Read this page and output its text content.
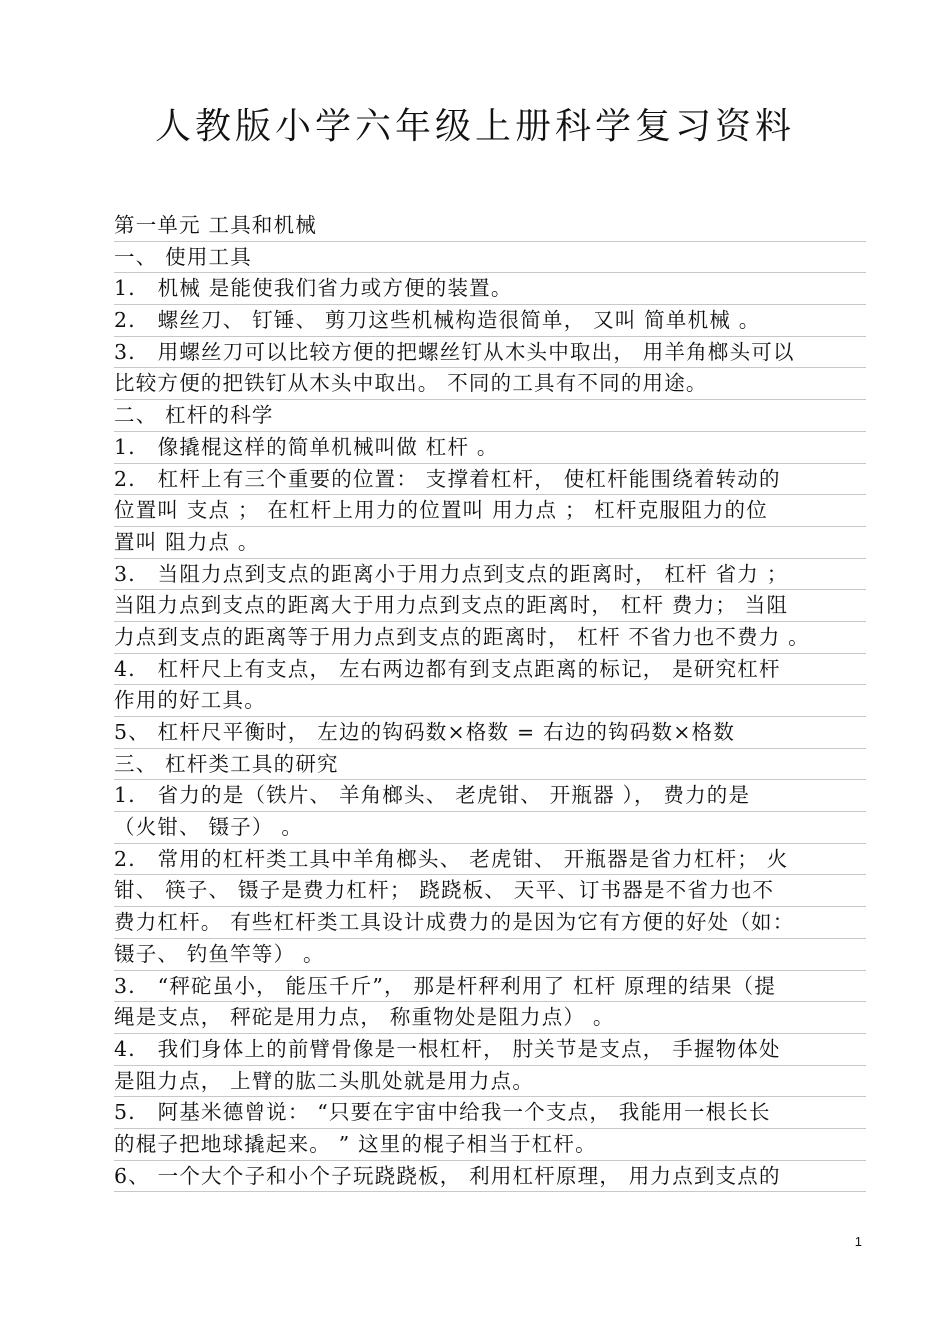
人教版小学六年级上册科学复习资料
第一单元 工具和机械
一、 使用工具
1． 机械 是能使我们省力或方便的装置。
2． 螺丝刀、 钉锤、 剪刀这些机械构造很简单， 又叫 简单机械 。
3． 用螺丝刀可以比较方便的把螺丝钉从木头中取出， 用羊角榔头可以
比较方便的把铁钉从木头中取出。 不同的工具有不同的用途。
二、 杠杆的科学
1． 像撬棍这样的简单机械叫做 杠杆 。
2． 杠杆上有三个重要的位置： 支撑着杠杆， 使杠杆能围绕着转动的
位置叫 支点 ； 在杠杆上用力的位置叫 用力点 ； 杠杆克服阻力的位
置叫 阻力点 。
3． 当阻力点到支点的距离小于用力点到支点的距离时， 杠杆 省力 ；
当阻力点到支点的距离大于用力点到支点的距离时， 杠杆 费力； 当阻
力点到支点的距离等于用力点到支点的距离时， 杠杆 不省力也不费力 。
4． 杠杆尺上有支点， 左右两边都有到支点距离的标记， 是研究杠杆
作用的好工具。
5、 杠杆尺平衡时， 左边的钩码数×格数 = 右边的钩码数×格数
三、 杠杆类工具的研究
1． 省力的是（铁片、 羊角榔头、 老虎钳、 开瓶器 ）， 费力的是
（火钳、 镊子） 。
2． 常用的杠杆类工具中羊角榔头、 老虎钳、 开瓶器是省力杠杆； 火
钳、 筷子、 镊子是费力杠杆； 跷跷板、 天平、订书器是不省力也不
费力杠杆。 有些杠杆类工具设计成费力的是因为它有方便的好处（如：
镊子、 钓鱼竿等） 。
3． “秤砣虽小， 能压千斤”， 那是杆秤利用了 杠杆 原理的结果（提
绳是支点， 秤砣是用力点， 称重物处是阻力点） 。
4． 我们身体上的前臂骨像是一根杠杆， 肘关节是支点， 手握物体处
是阻力点， 上臂的肱二头肌处就是用力点。
5． 阿基米德曾说： “只要在宇宙中给我一个支点， 我能用一根长长
的棍子把地球撬起来。 ” 这里的棍子相当于杠杆。
6、 一个大个子和小个子玩跷跷板， 利用杠杆原理， 用力点到支点的
1
